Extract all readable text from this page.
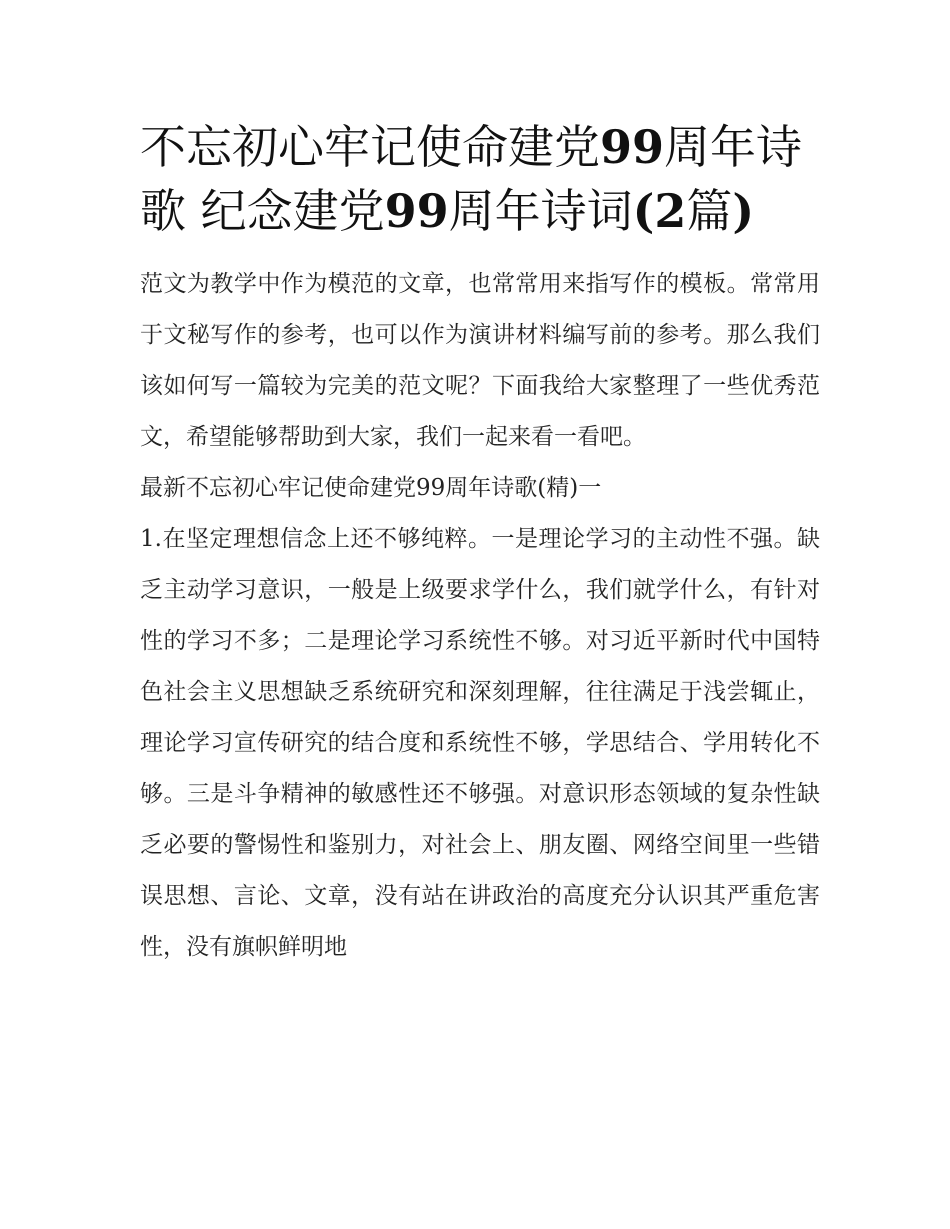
不忘初心牢记使命建党99周年诗歌 纪念建党99周年诗词(2篇)

范文为教学中作为模范的文章，也常常用来指写作的模板。常常用于文秘写作的参考，也可以作为演讲材料编写前的参考。那么我们该如何写一篇较为完美的范文呢？下面我给大家整理了一些优秀范文，希望能够帮助到大家，我们一起来看一看吧。

最新不忘初心牢记使命建党99周年诗歌(精)一

1.在坚定理想信念上还不够纯粹。一是理论学习的主动性不强。缺乏主动学习意识，一般是上级要求学什么，我们就学什么，有针对性的学习不多；二是理论学习系统性不够。对习近平新时代中国特色社会主义思想缺乏系统研究和深刻理解，往往满足于浅尝辄止，理论学习宣传研究的结合度和系统性不够，学思结合、学用转化不够。三是斗争精神的敏感性还不够强。对意识形态领域的复杂性缺乏必要的警惕性和鉴别力，对社会上、朋友圈、网络空间里一些错误思想、言论、文章，没有站在讲政治的高度充分认识其严重危害性，没有旗帜鲜明地
